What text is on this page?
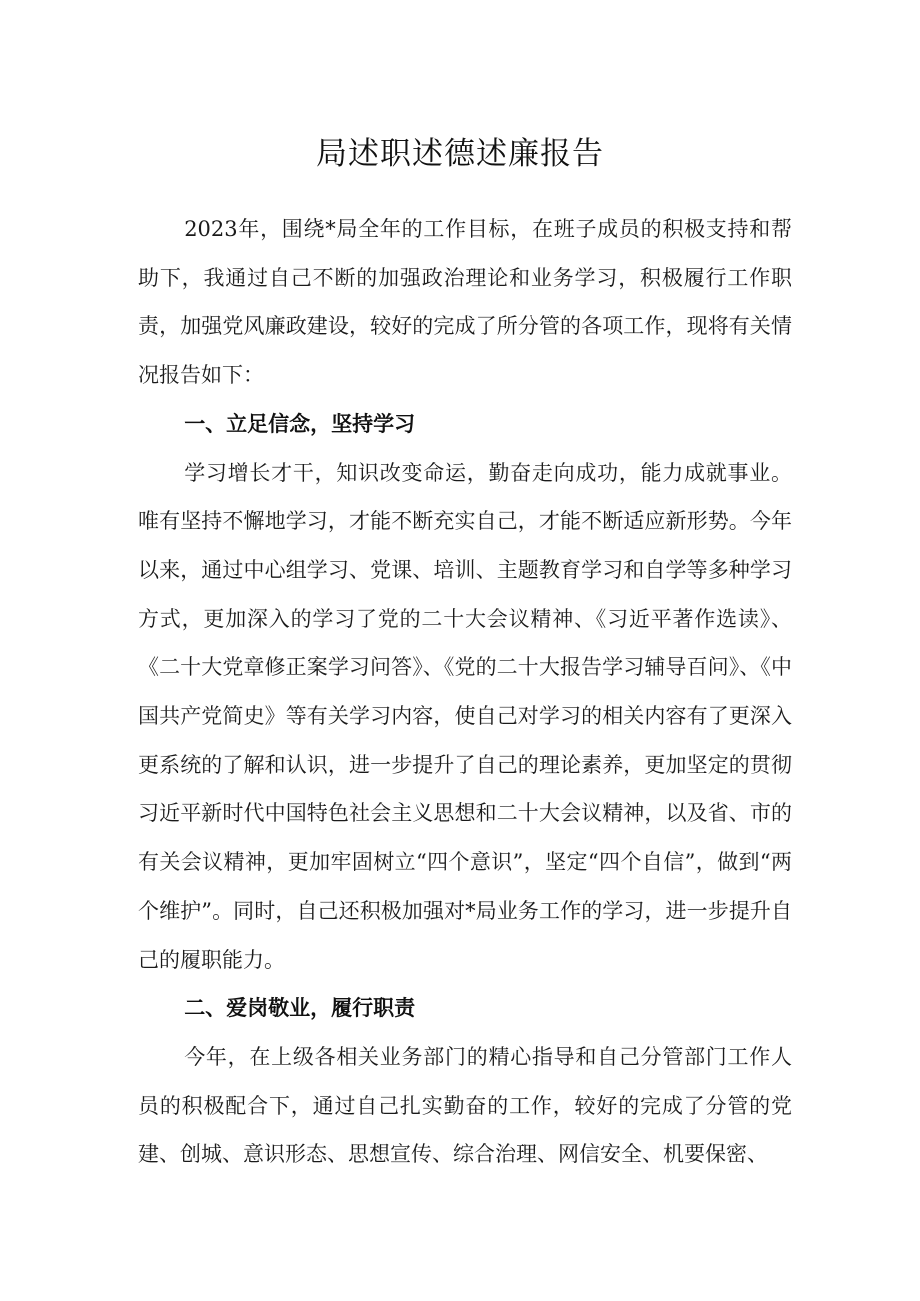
局述职述德述廉报告

2023年，围绕*局全年的工作目标，在班子成员的积极支持和帮助下，我通过自己不断的加强政治理论和业务学习，积极履行工作职责，加强党风廉政建设，较好的完成了所分管的各项工作，现将有关情况报告如下：

一、立足信念，坚持学习

学习增长才干，知识改变命运，勤奋走向成功，能力成就事业。唯有坚持不懈地学习，才能不断充实自己，才能不断适应新形势。今年以来，通过中心组学习、党课、培训、主题教育学习和自学等多种学习方式，更加深入的学习了党的二十大会议精神、《习近平著作选读》、《二十大党章修正案学习问答》、《党的二十大报告学习辅导百问》、《中国共产党简史》等有关学习内容，使自己对学习的相关内容有了更深入更系统的了解和认识，进一步提升了自己的理论素养，更加坚定的贯彻习近平新时代中国特色社会主义思想和二十大会议精神，以及省、市的有关会议精神，更加牢固树立“四个意识”，坚定“四个自信”，做到“两个维护”。同时，自己还积极加强对*局业务工作的学习，进一步提升自己的履职能力。

二、爱岗敬业，履行职责

今年，在上级各相关业务部门的精心指导和自己分管部门工作人员的积极配合下，通过自己扎实勤奋的工作，较好的完成了分管的党建、创城、意识形态、思想宣传、综合治理、网信安全、机要保密、
